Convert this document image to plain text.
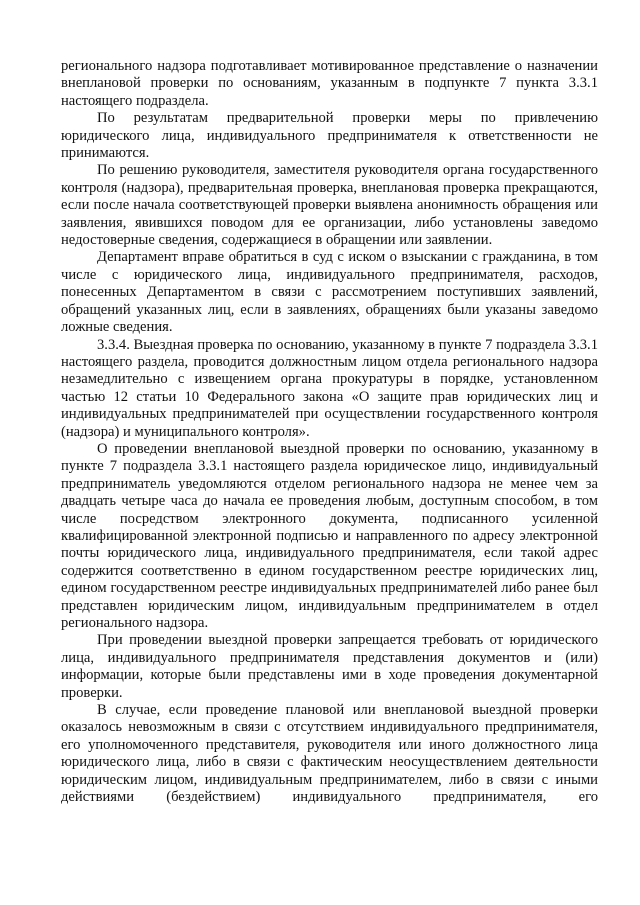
регионального надзора подготавливает мотивированное представление о назначении внеплановой проверки по основаниям, указанным в подпункте 7 пункта 3.3.1 настоящего подраздела.

По результатам предварительной проверки меры по привлечению юридического лица, индивидуального предпринимателя к ответственности не принимаются.

По решению руководителя, заместителя руководителя органа государственного контроля (надзора), предварительная проверка, внеплановая проверка прекращаются, если после начала соответствующей проверки выявлена анонимность обращения или заявления, явившихся поводом для ее организации, либо установлены заведомо недостоверные сведения, содержащиеся в обращении или заявлении.

Департамент вправе обратиться в суд с иском о взыскании с гражданина, в том числе с юридического лица, индивидуального предпринимателя, расходов, понесенных Департаментом в связи с рассмотрением поступивших заявлений, обращений указанных лиц, если в заявлениях, обращениях были указаны заведомо ложные сведения.

3.3.4. Выездная проверка по основанию, указанному в пункте 7 подраздела 3.3.1 настоящего раздела, проводится должностным лицом отдела регионального надзора незамедлительно с извещением органа прокуратуры в порядке, установленном частью 12 статьи 10 Федерального закона «О защите прав юридических лиц и индивидуальных предпринимателей при осуществлении государственного контроля (надзора) и муниципального контроля».

О проведении внеплановой выездной проверки по основанию, указанному в пункте 7 подраздела 3.3.1 настоящего раздела юридическое лицо, индивидуальный предприниматель уведомляются отделом регионального надзора не менее чем за двадцать четыре часа до начала ее проведения любым, доступным способом, в том числе посредством электронного документа, подписанного усиленной квалифицированной электронной подписью и направленного по адресу электронной почты юридического лица, индивидуального предпринимателя, если такой адрес содержится соответственно в едином государственном реестре юридических лиц, едином государственном реестре индивидуальных предпринимателей либо ранее был представлен юридическим лицом, индивидуальным предпринимателем в отдел регионального надзора.

При проведении выездной проверки запрещается требовать от юридического лица, индивидуального предпринимателя представления документов и (или) информации, которые были представлены ими в ходе проведения документарной проверки.

В случае, если проведение плановой или внеплановой выездной проверки оказалось невозможным в связи с отсутствием индивидуального предпринимателя, его уполномоченного представителя, руководителя или иного должностного лица юридического лица, либо в связи с фактическим неосуществлением деятельности юридическим лицом, индивидуальным предпринимателем, либо в связи с иными действиями (бездействием) индивидуального предпринимателя, его
